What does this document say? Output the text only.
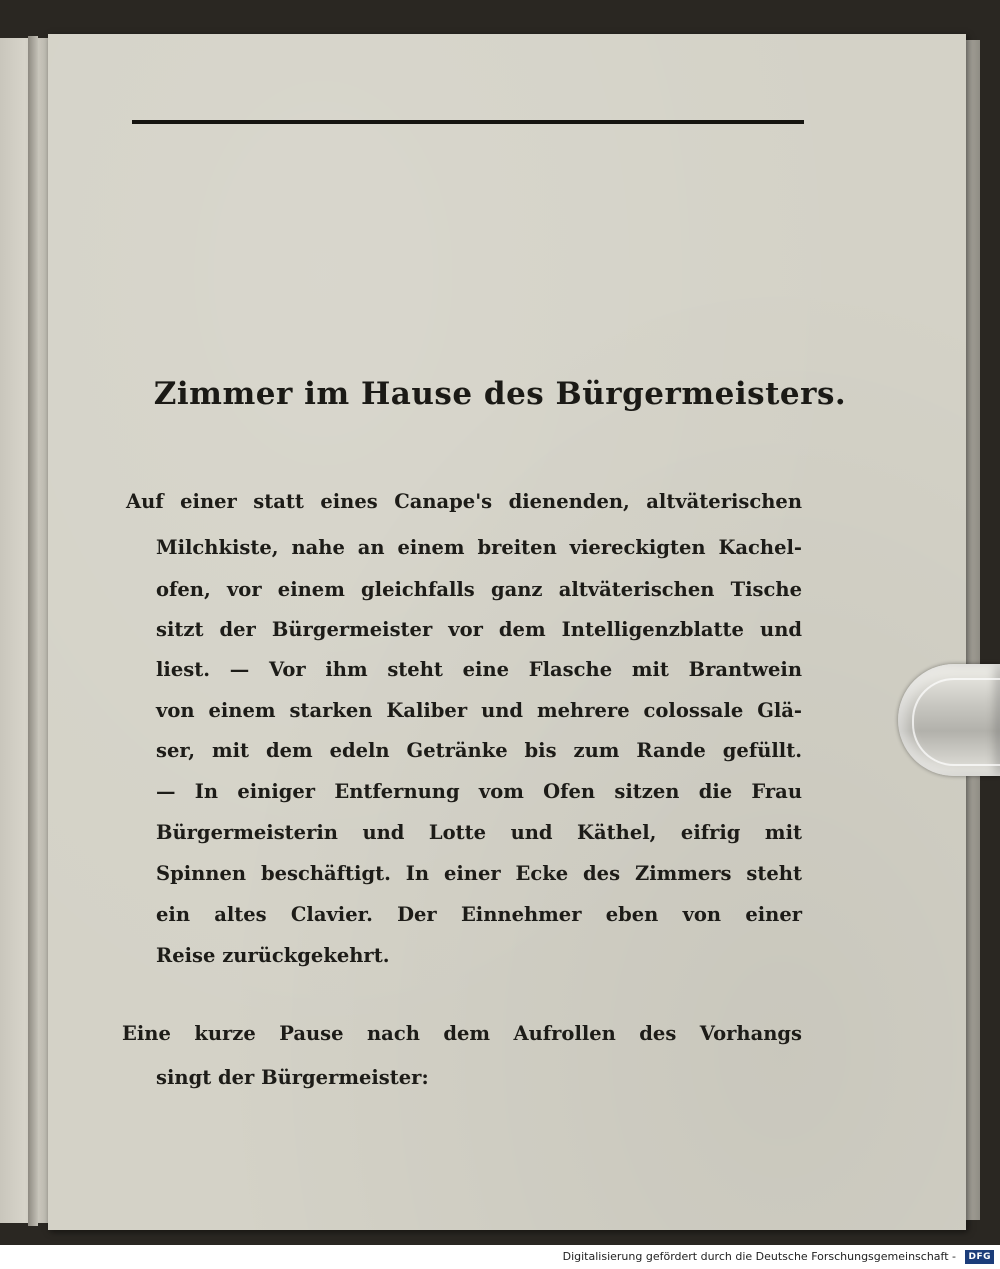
Zimmer im Hause des Bürgermeisters.
Auf einer statt eines Canape's dienenden, altväterischen
Milchkiste, nahe an einem breiten viereckigten Kachel-
ofen, vor einem gleichfalls ganz altväterischen Tische
sitzt der Bürgermeister vor dem Intelligenzblatte und
liest. — Vor ihm steht eine Flasche mit Brantwein
von einem starken Kaliber und mehrere colossale Glä-
ser, mit dem edeln Getränke bis zum Rande gefüllt.
— In einiger Entfernung vom Ofen sitzen die Frau
Bürgermeisterin und Lotte und Käthel, eifrig mit
Spinnen beschäftigt. In einer Ecke des Zimmers steht
ein altes Clavier. Der Einnehmer eben von einer
Reise zurückgekehrt.
Eine kurze Pause nach dem Aufrollen des Vorhangs
singt der Bürgermeister:
Digitalisierung gefördert durch die Deutsche Forschungsgemeinschaft -	DFG
